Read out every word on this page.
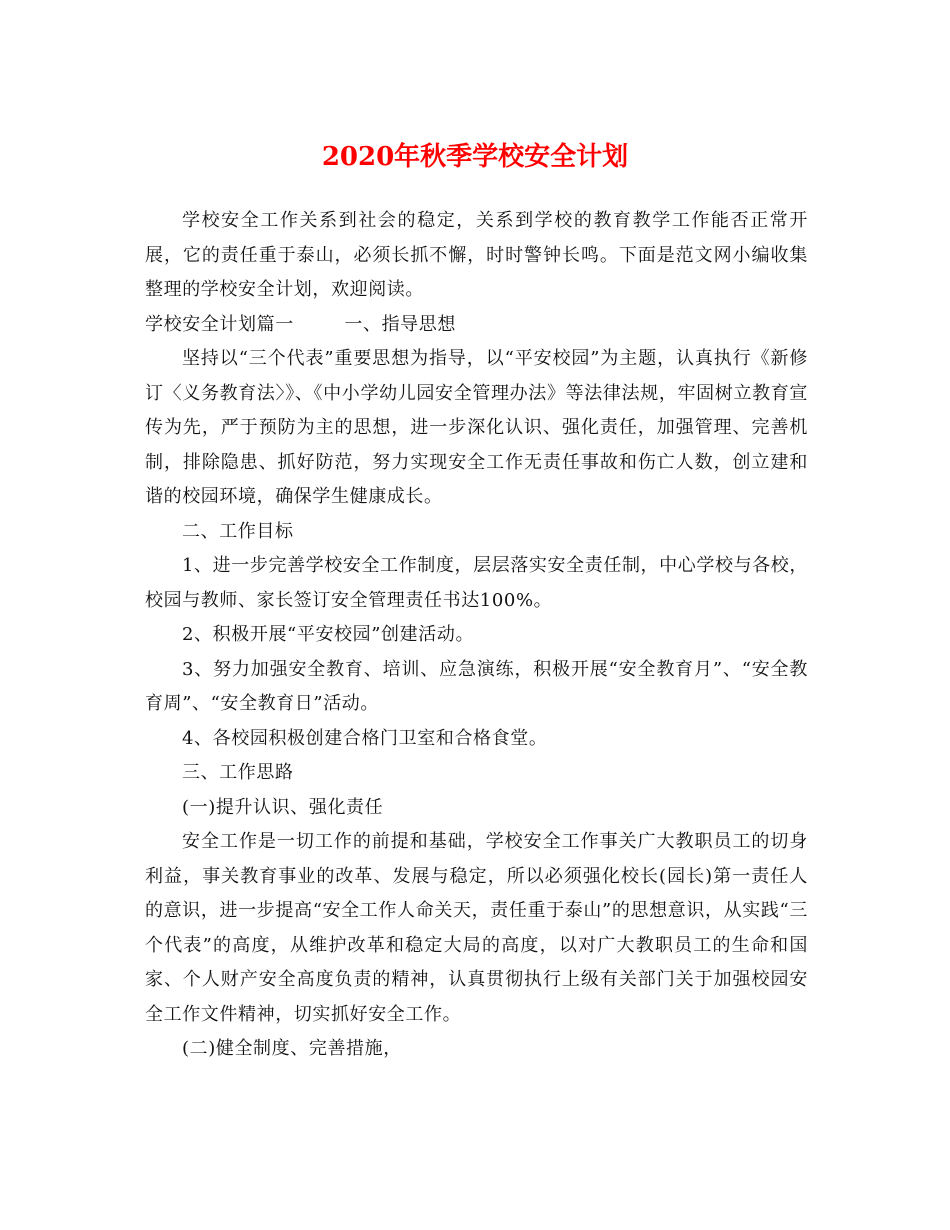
2020年秋季学校安全计划

学校安全工作关系到社会的稳定，关系到学校的教育教学工作能否正常开展，它的责任重于泰山，必须长抓不懈，时时警钟长鸣。下面是范文网小编收集整理的学校安全计划，欢迎阅读。

学校安全计划篇一        一、指导思想

坚持以“三个代表”重要思想为指导，以“平安校园”为主题，认真执行《新修订〈义务教育法〉》、《中小学幼儿园安全管理办法》等法律法规，牢固树立教育宣传为先，严于预防为主的思想，进一步深化认识、强化责任，加强管理、完善机制，排除隐患、抓好防范，努力实现安全工作无责任事故和伤亡人数，创立建和谐的校园环境，确保学生健康成长。

二、工作目标

1、进一步完善学校安全工作制度，层层落实安全责任制，中心学校与各校，校园与教师、家长签订安全管理责任书达100%。

2、积极开展“平安校园”创建活动。

3、努力加强安全教育、培训、应急演练，积极开展“安全教育月”、“安全教育周”、“安全教育日”活动。

4、各校园积极创建合格门卫室和合格食堂。

三、工作思路

(一)提升认识、强化责任

安全工作是一切工作的前提和基础，学校安全工作事关广大教职员工的切身利益，事关教育事业的改革、发展与稳定，所以必须强化校长(园长)第一责任人的意识，进一步提高“安全工作人命关天，责任重于泰山”的思想意识，从实践“三个代表”的高度，从维护改革和稳定大局的高度，以对广大教职员工的生命和国家、个人财产安全高度负责的精神，认真贯彻执行上级有关部门关于加强校园安全工作文件精神，切实抓好安全工作。

(二)健全制度、完善措施，
